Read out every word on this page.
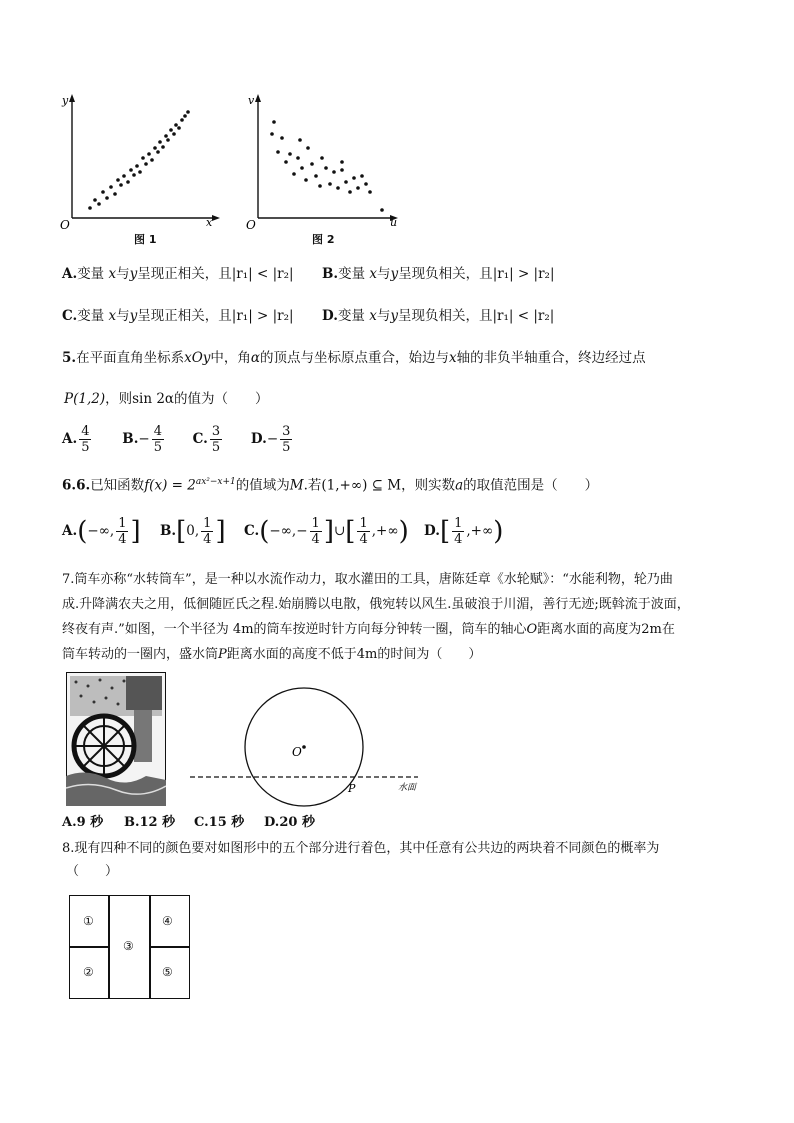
y
x
O
图 1
v
u
O
图 2
A.变量 x与y呈现正相关，且|r₁| < |r₂| B.变量 x与y呈现负相关，且|r₁| > |r₂|
C.变量 x与y呈现正相关，且|r₁| > |r₂| D.变量 x与y呈现负相关，且|r₁| < |r₂|
5.在平面直角坐标系xOy中，角α的顶点与坐标原点重合，始边与x轴的非负半轴重合，终边经过点
P(1,2)，则sin 2α的值为（　　）
A. $\frac{4}{5} B.- \frac{4}{5} C$. $\frac{3}{5} D.- \frac{3}{5}$
6.6.已知函数$f(x) = 2^{ax^2-x+1}$的值域为M.若(1,+∞) ⊆ M，则实数a的取值范围是（　　）
A.(−∞, $\frac{1}{4}$ ] B.[0, $\frac{1}{4}$ ] $C.(-\infty,- \frac{1}{4}$ ]∪[ $\frac{1}{4}$ ,+∞) $D.[ \frac{1}{4}$ ,+∞)
7.筒车亦称“水转筒车”，是一种以水流作动力，取水灌田的工具，唐陈廷章《水轮赋》：“水能利物，轮乃曲
成.升降满农夫之用，低徊随匠氏之程.始崩腾以电散，俄宛转以风生.虽破浪于川湄，善行无迹;既斡流于波面，
终夜有声.”如图，一个半径为 4m的筒车按逆时针方向每分钟转一圈，筒车的轴心O距离水面的高度为2m在
筒车转动的一圈内，盛水筒P距离水面的高度不低于4m的时间为（　　）
O
P	水面
A.9 秒 B.12 秒 C.15 秒 D.20 秒
8.现有四种不同的颜色要对如图形中的五个部分进行着色，其中任意有公共边的两块着不同颜色的概率为
（　　）
①
②
③
④
⑤
